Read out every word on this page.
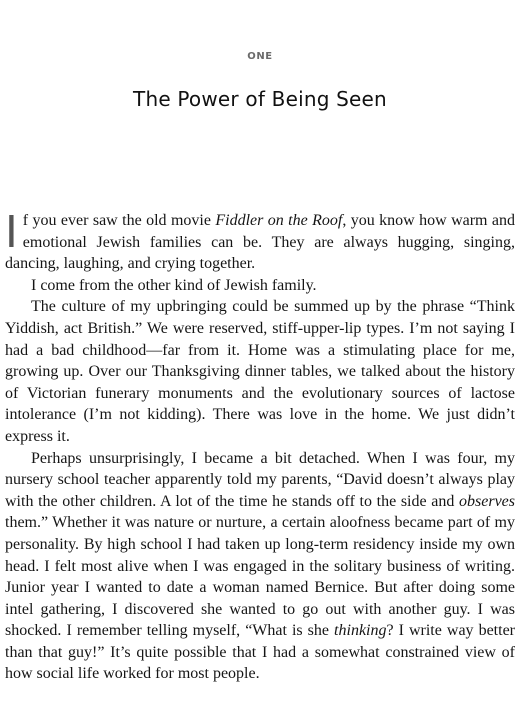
ONE
The Power of Being Seen

If you ever saw the old movie Fiddler on the Roof, you know how warm and emotional Jewish families can be. They are always hugging, singing, dancing, laughing, and crying together.

I come from the other kind of Jewish family.

The culture of my upbringing could be summed up by the phrase “Think Yiddish, act British.” We were reserved, stiff-upper-lip types. I’m not saying I had a bad childhood—far from it. Home was a stimulating place for me, growing up. Over our Thanksgiving dinner tables, we talked about the history of Victorian funerary monuments and the evolutionary sources of lactose intolerance (I’m not kidding). There was love in the home. We just didn’t express it.

Perhaps unsurprisingly, I became a bit detached. When I was four, my nursery school teacher apparently told my parents, “David doesn’t always play with the other children. A lot of the time he stands off to the side and observes them.” Whether it was nature or nurture, a certain aloofness became part of my personality. By high school I had taken up long-term residency inside my own head. I felt most alive when I was engaged in the solitary business of writing. Junior year I wanted to date a woman named Bernice. But after doing some intel gathering, I discovered she wanted to go out with another guy. I was shocked. I remember telling myself, “What is she thinking? I write way better than that guy!” It’s quite possible that I had a somewhat constrained view of how social life worked for most people.
